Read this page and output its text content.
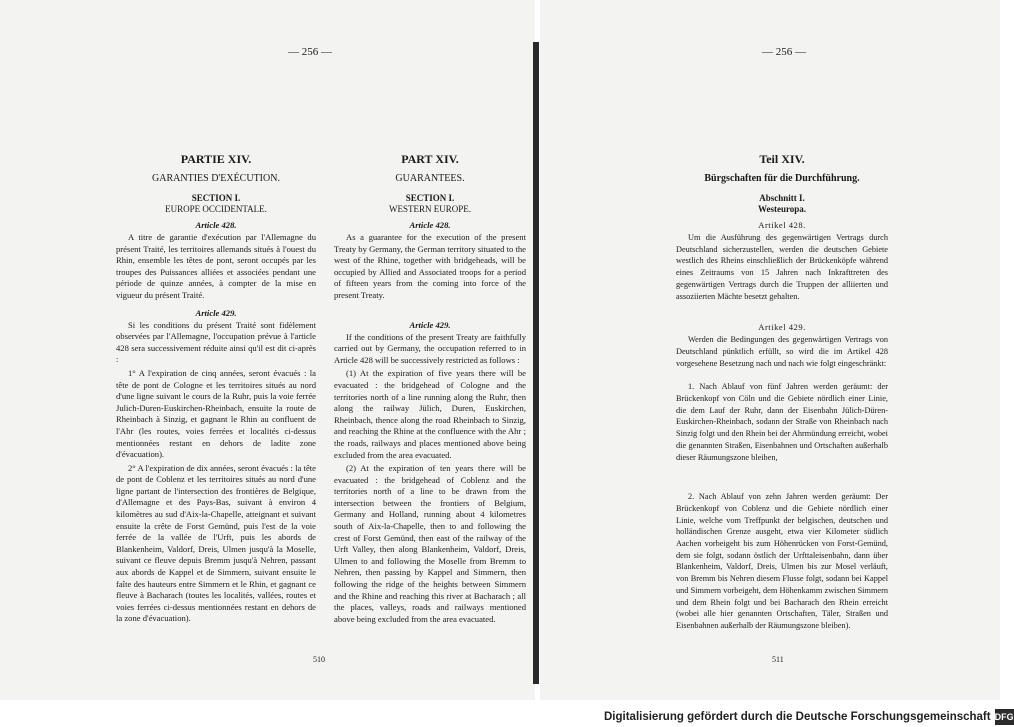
— 256 —
510
— 256 —
511
PARTIE XIV.
GARANTIES D'EXÉCUTION.
SECTION I.
EUROPE OCCIDENTALE.
Article 428.

A titre de garantie d'exécution par l'Allemagne du présent Traité, les territoires allemands situés à l'ouest du Rhin, ensemble les têtes de pont, seront occupés par les troupes des Puissances alliées et associées pendant une période de quinze années, à compter de la mise en vigueur du présent Traité.

Article 429.

Si les conditions du présent Traité sont fidèlement observées par l'Allemagne, l'occupation prévue à l'article 428 sera successivement réduite ainsi qu'il est dit ci-après :

1° A l'expiration de cinq années, seront évacués : la tête de pont de Cologne et les territoires situés au nord d'une ligne suivant le cours de la Ruhr, puis la voie ferrée Julich-Duren-Euskirchen-Rheinbach, ensuite la route de Rheinbach à Sinzig, et gagnant le Rhin au confluent de l'Ahr (les routes, voies ferrées et localités ci-dessus mentionnées restant en dehors de ladite zone d'évacuation).

2° A l'expiration de dix années, seront évacués : la tête de pont de Coblenz et les territoires situés au nord d'une ligne partant de l'intersection des frontières de Belgique, d'Allemagne et des Pays-Bas, suivant à environ 4 kilomètres au sud d'Aix-la-Chapelle, atteignant et suivant ensuite la crête de Forst Gemünd, puis l'est de la voie ferrée de la vallée de l'Urft, puis les abords de Blankenheim, Valdorf, Dreis, Ulmen jusqu'à la Moselle, suivant ce fleuve depuis Bremm jusqu'à Nehren, passant aux abords de Kappel et de Simmern, suivant ensuite le faîte des hauteurs entre Simmern et le Rhin, et gagnant ce fleuve à Bacharach (toutes les localités, vallées, routes et voies ferrées ci-dessus mentionnées restant en dehors de la zone d'évacuation).

PART XIV.
GUARANTEES.
SECTION I.
WESTERN EUROPE.
Article 428.

As a guarantee for the execution of the present Treaty by Germany, the German territory situated to the west of the Rhine, together with bridgeheads, will be occupied by Allied and Associated troops for a period of fifteen years from the coming into force of the present Treaty.

Article 429.

If the conditions of the present Treaty are faithfully carried out by Germany, the occupation referred to in Article 428 will be successively restricted as follows :

(1) At the expiration of five years there will be evacuated : the bridgehead of Cologne and the territories north of a line running along the Ruhr, then along the railway Jülich, Duren, Euskirchen, Rheinbach, thence along the road Rheinbach to Sinzig, and reaching the Rhine at the confluence with the Ahr ; the roads, railways and places mentioned above being excluded from the area evacuated.

(2) At the expiration of ten years there will be evacuated : the bridgehead of Coblenz and the territories north of a line to be drawn from the intersection between the frontiers of Belgium, Germany and Holland, running about 4 kilometres south of Aix-la-Chapelle, then to and following the crest of Forst Gemünd, then east of the railway of the Urft Valley, then along Blankenheim, Valdorf, Dreis, Ulmen to and following the Moselle from Bremm to Nehren, then passing by Kappel and Simmern, then following the ridge of the heights between Simmern and the Rhine and reaching this river at Bacharach ; all the places, valleys, roads and railways mentioned above being excluded from the area evacuated.

Teil XIV.
Bürgschaften für die Durchführung.
Abschnitt I.
Westeuropa.
Artikel 428.

Um die Ausführung des gegenwärtigen Vertrags durch Deutschland sicherzustellen, werden die deutschen Gebiete westlich des Rheins einschließlich der Brückenköpfe während eines Zeitraums von 15 Jahren nach Inkrafttreten des gegenwärtigen Vertrags durch die Truppen der alliierten und assoziierten Mächte besetzt gehalten.

Artikel 429.

Werden die Bedingungen des gegenwärtigen Vertrags von Deutschland pünktlich erfüllt, so wird die im Artikel 428 vorgesehene Besetzung nach und nach wie folgt eingeschränkt:

1. Nach Ablauf von fünf Jahren werden geräumt: der Brückenkopf von Cöln und die Gebiete nördlich einer Linie, die dem Lauf der Ruhr, dann der Eisenbahn Jülich-Düren-Euskirchen-Rheinbach, sodann der Straße von Rheinbach nach Sinzig folgt und den Rhein bei der Ahrmündung erreicht, wobei die genannten Straßen, Eisenbahnen und Ortschaften außerhalb dieser Räumungszone bleiben,

2. Nach Ablauf von zehn Jahren werden geräumt: Der Brückenkopf von Coblenz und die Gebiete nördlich einer Linie, welche vom Treffpunkt der belgischen, deutschen und holländischen Grenze ausgeht, etwa vier Kilometer südlich Aachen vorbeigeht bis zum Höhenrücken von Forst-Gemünd, dem sie folgt, sodann östlich der Urfttaleisenbahn, dann über Blankenheim, Valdorf, Dreis, Ulmen bis zur Mosel verläuft, von Bremm bis Nehren diesem Flusse folgt, sodann bei Kappel und Simmern vorbeigeht, dem Höhenkamm zwischen Simmern und dem Rhein folgt und bei Bacharach den Rhein erreicht (wobei alle hier genannten Ortschaften, Täler, Straßen und Eisenbahnen außerhalb der Räumungszone bleiben).

Digitalisierung gefördert durch die Deutsche Forschungsgemeinschaft DFG
